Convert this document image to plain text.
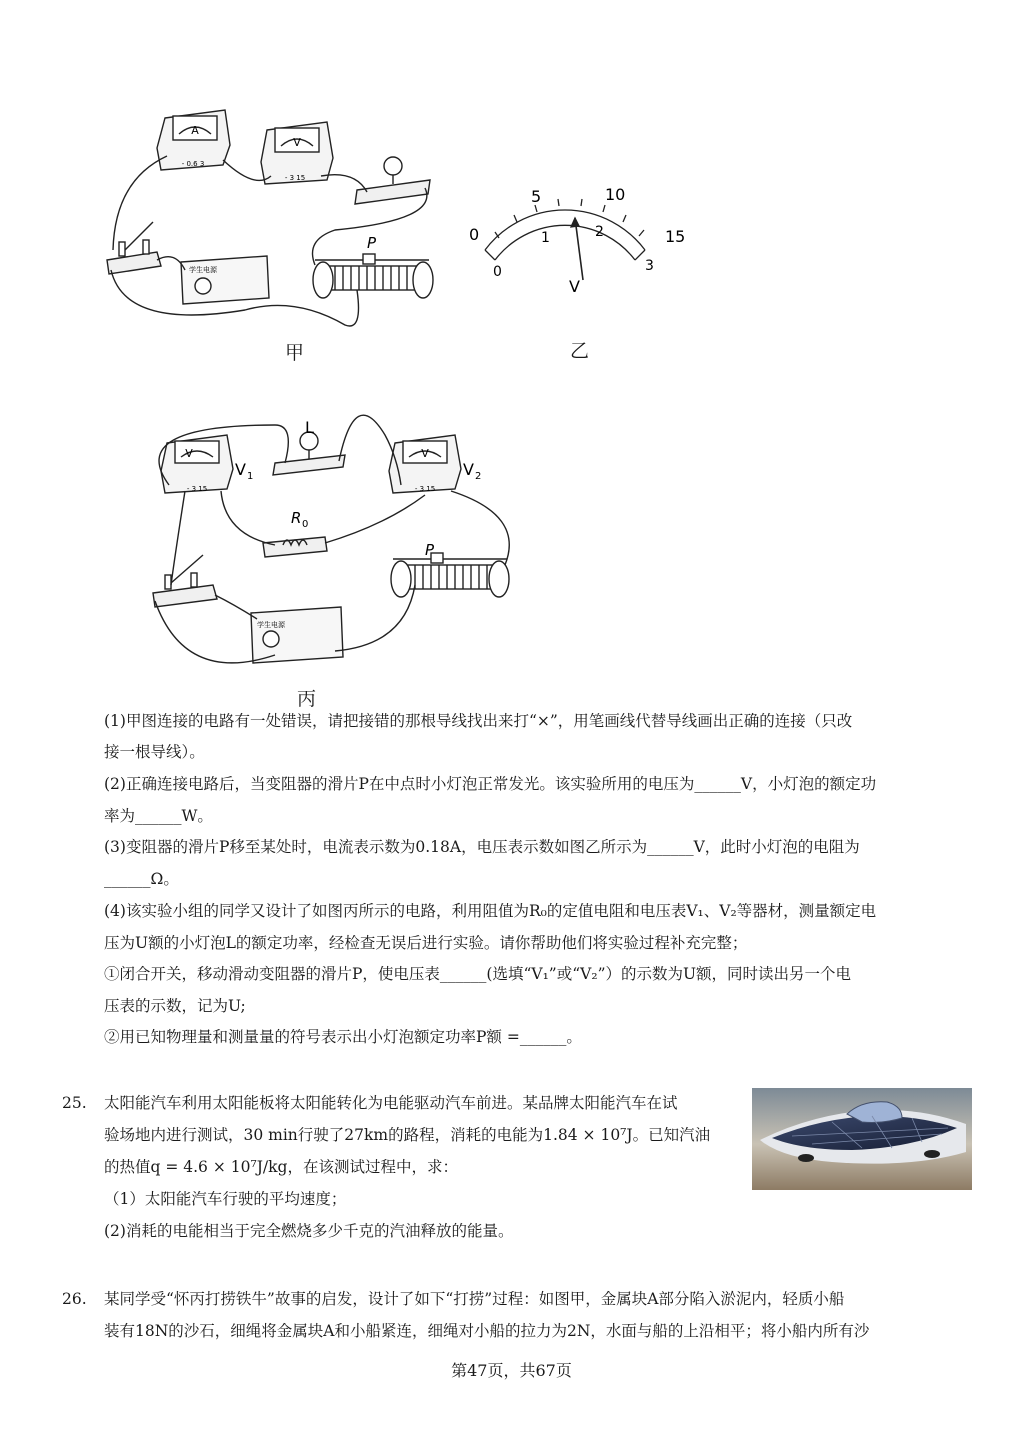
A
- 0.6 3
V
- 3 15
P
学生电源
甲
0
5	10
15
0
1	2
3
V
乙
L
V 1	V 2
V	V
- 3 15	- 3 15
R 0
P
学生电源
丙
(1)甲图连接的电路有一处错误，请把接错的那根导线找出来打“×”，用笔画线代替导线画出正确的连接（只改
接一根导线）。
(2)正确连接电路后，当变阻器的滑片P在中点时小灯泡正常发光。该实验所用的电压为______V，小灯泡的额定功
率为______W。
(3)变阻器的滑片P移至某处时，电流表示数为0.18A，电压表示数如图乙所示为______V，此时小灯泡的电阻为
______Ω。
(4)该实验小组的同学又设计了如图丙所示的电路，利用阻值为R₀的定值电阻和电压表V₁、V₂等器材，测量额定电
压为U额的小灯泡L的额定功率，经检查无误后进行实验。请你帮助他们将实验过程补充完整；
①闭合开关，移动滑动变阻器的滑片P，使电压表______(选填“V₁”或“V₂”）的示数为U额，同时读出另一个电
压表的示数，记为U;
②用已知物理量和测量量的符号表示出小灯泡额定功率P额 =______。
25. 太阳能汽车利用太阳能板将太阳能转化为电能驱动汽车前进。某品牌太阳能汽车在试
验场地内进行测试，30 min行驶了27km的路程，消耗的电能为1.84 × 10⁷J。已知汽油
的热值q = 4.6 × 10⁷J/kg，在该测试过程中，求：
（1）太阳能汽车行驶的平均速度；
(2)消耗的电能相当于完全燃烧多少千克的汽油释放的能量。
26. 某同学受“怀丙打捞铁牛”故事的启发，设计了如下“打捞”过程：如图甲，金属块A部分陷入淤泥内，轻质小船
装有18N的沙石，细绳将金属块A和小船紧连，细绳对小船的拉力为2N，水面与船的上沿相平；将小船内所有沙
第47页，共67页
